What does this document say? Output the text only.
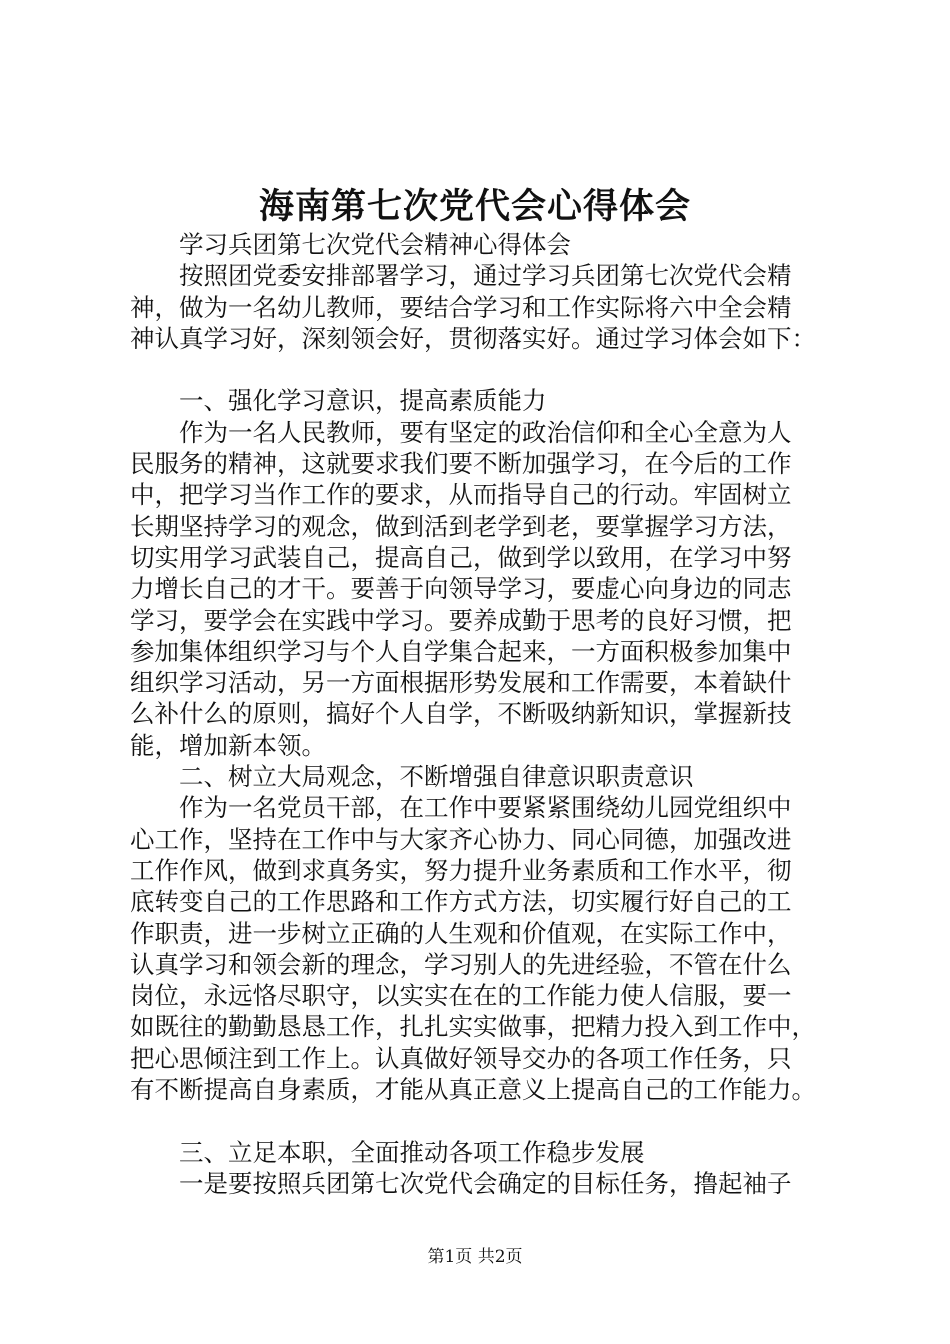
海南第七次党代会心得体会
学习兵团第七次党代会精神心得体会
按照团党委安排部署学习，通过学习兵团第七次党代会精
神，做为一名幼儿教师，要结合学习和工作实际将六中全会精
神认真学习好，深刻领会好，贯彻落实好。通过学习体会如下：
一、强化学习意识，提高素质能力
作为一名人民教师，要有坚定的政治信仰和全心全意为人
民服务的精神，这就要求我们要不断加强学习，在今后的工作
中，把学习当作工作的要求，从而指导自己的行动。牢固树立
长期坚持学习的观念，做到活到老学到老，要掌握学习方法，
切实用学习武装自己，提高自己，做到学以致用，在学习中努
力增长自己的才干。要善于向领导学习，要虚心向身边的同志
学习，要学会在实践中学习。要养成勤于思考的良好习惯，把
参加集体组织学习与个人自学集合起来，一方面积极参加集中
组织学习活动，另一方面根据形势发展和工作需要，本着缺什
么补什么的原则，搞好个人自学，不断吸纳新知识，掌握新技
能，增加新本领。
二、树立大局观念，不断增强自律意识职责意识
作为一名党员干部，在工作中要紧紧围绕幼儿园党组织中
心工作，坚持在工作中与大家齐心协力、同心同德，加强改进
工作作风，做到求真务实，努力提升业务素质和工作水平，彻
底转变自己的工作思路和工作方式方法，切实履行好自己的工
作职责，进一步树立正确的人生观和价值观，在实际工作中，
认真学习和领会新的理念，学习别人的先进经验，不管在什么
岗位，永远恪尽职守，以实实在在的工作能力使人信服，要一
如既往的勤勤恳恳工作，扎扎实实做事，把精力投入到工作中，
把心思倾注到工作上。认真做好领导交办的各项工作任务，只
有不断提高自身素质，才能从真正意义上提高自己的工作能力。
三、立足本职，全面推动各项工作稳步发展
一是要按照兵团第七次党代会确定的目标任务，撸起袖子
第1页 共2页
